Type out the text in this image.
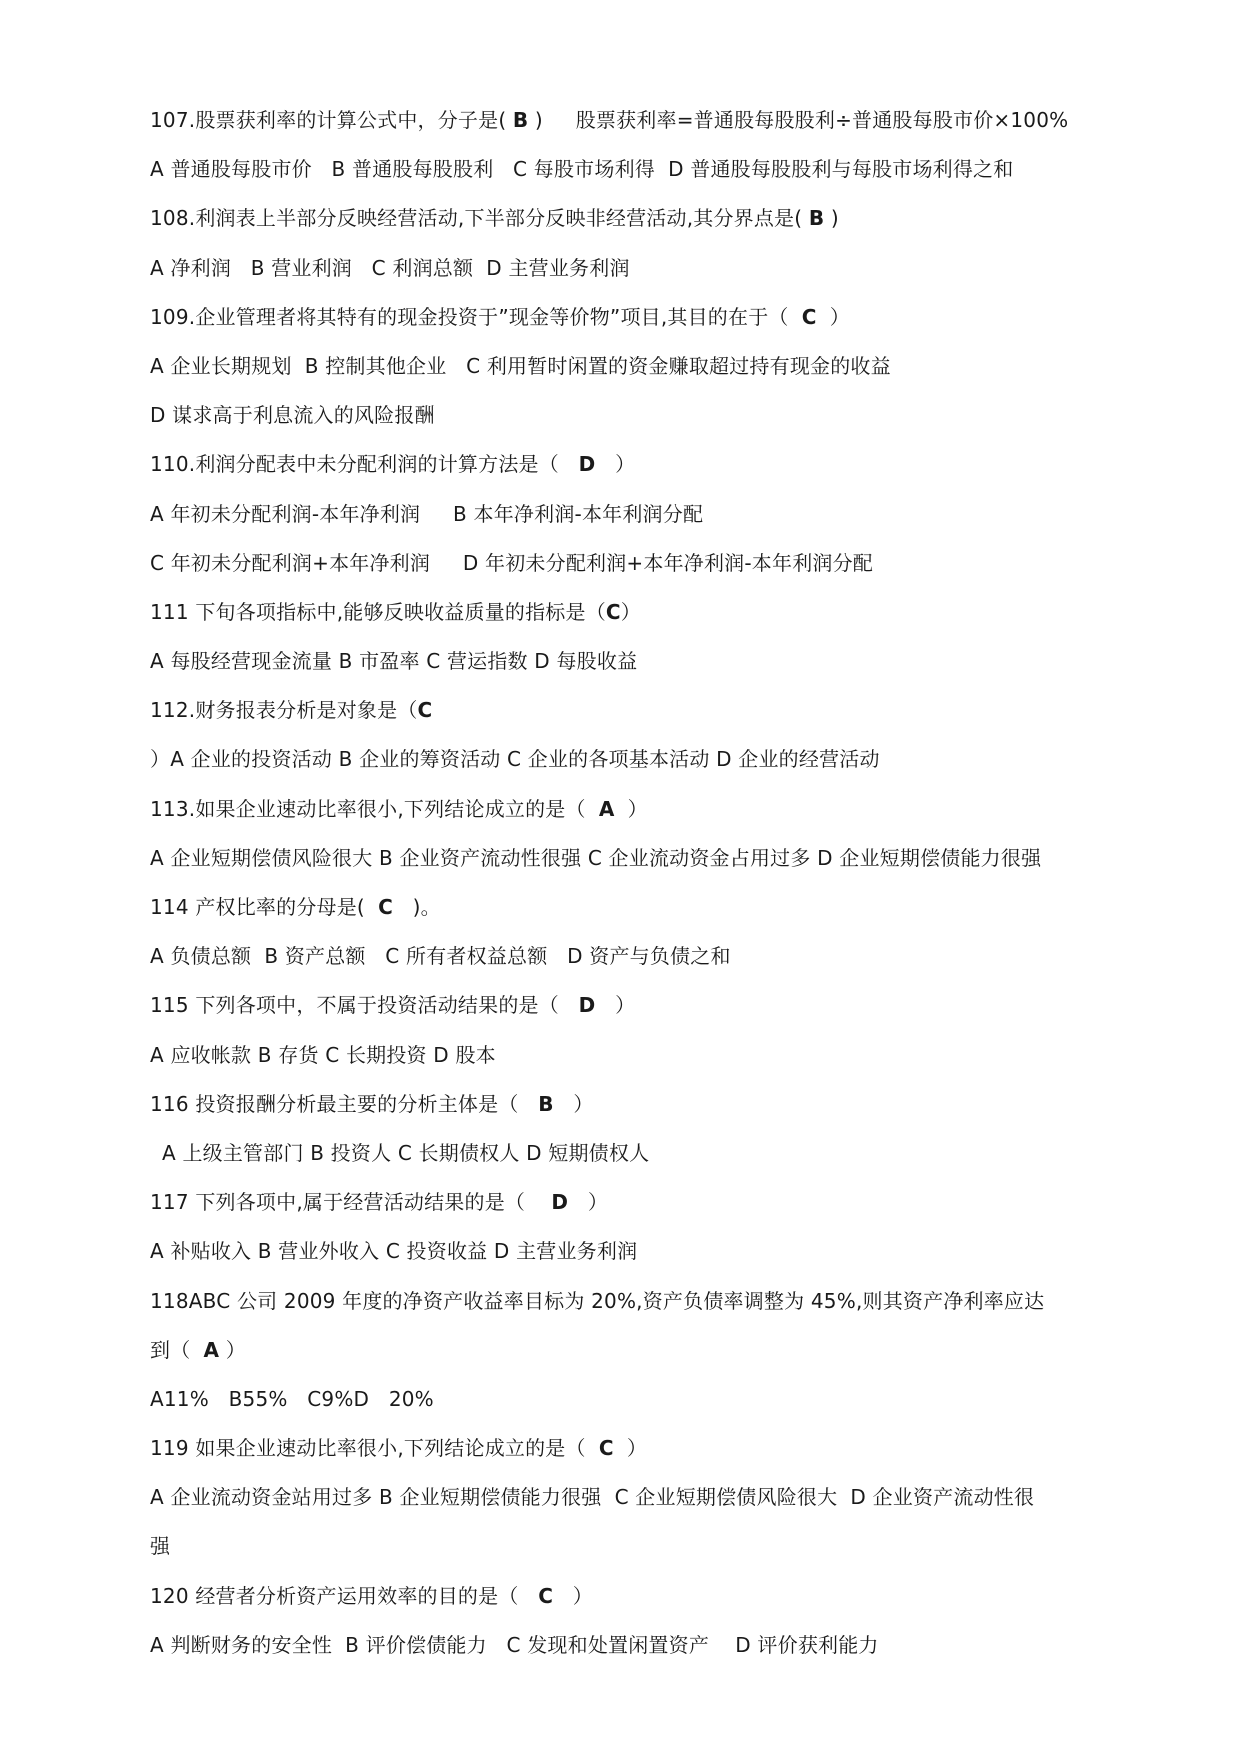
107.股票获利率的计算公式中，分子是( B )     股票获利率=普通股每股股利÷普通股每股市价×100%
A 普通股每股市价   B 普通股每股股利   C 每股市场利得  D 普通股每股股利与每股市场利得之和
108.利润表上半部分反映经营活动,下半部分反映非经营活动,其分界点是( B )
A 净利润   B 营业利润   C 利润总额  D 主营业务利润
109.企业管理者将其特有的现金投资于”现金等价物”项目,其目的在于（  C  ）
A 企业长期规划  B 控制其他企业   C 利用暂时闲置的资金赚取超过持有现金的收益
D 谋求高于利息流入的风险报酬
110.利润分配表中未分配利润的计算方法是（   D   ）
A 年初未分配利润-本年净利润     B 本年净利润-本年利润分配
C 年初未分配利润+本年净利润     D 年初未分配利润+本年净利润-本年利润分配
111 下旬各项指标中,能够反映收益质量的指标是（C）
A 每股经营现金流量 B 市盈率 C 营运指数 D 每股收益
112.财务报表分析是对象是（C
）A 企业的投资活动 B 企业的筹资活动 C 企业的各项基本活动 D 企业的经营活动
113.如果企业速动比率很小,下列结论成立的是（  A  ）
A 企业短期偿债风险很大 B 企业资产流动性很强 C 企业流动资金占用过多 D 企业短期偿债能力很强
114 产权比率的分母是(  C   )。
A 负债总额  B 资产总额   C 所有者权益总额   D 资产与负债之和
115 下列各项中，不属于投资活动结果的是（   D   ）
A 应收帐款 B 存货 C 长期投资 D 股本
116 投资报酬分析最主要的分析主体是（   B   ）
A 上级主管部门 B 投资人 C 长期债权人 D 短期债权人
117 下列各项中,属于经营活动结果的是（    D   ）
A 补贴收入 B 营业外收入 C 投资收益 D 主营业务利润
118ABC 公司 2009 年度的净资产收益率目标为 20%,资产负债率调整为 45%,则其资产净利率应达
到（  A ）
A11%   B55%   C9%D   20%
119 如果企业速动比率很小,下列结论成立的是（  C  ）
A 企业流动资金站用过多 B 企业短期偿债能力很强  C 企业短期偿债风险很大  D 企业资产流动性很
强
120 经营者分析资产运用效率的目的是（   C   ）
A 判断财务的安全性  B 评价偿债能力   C 发现和处置闲置资产    D 评价获利能力
